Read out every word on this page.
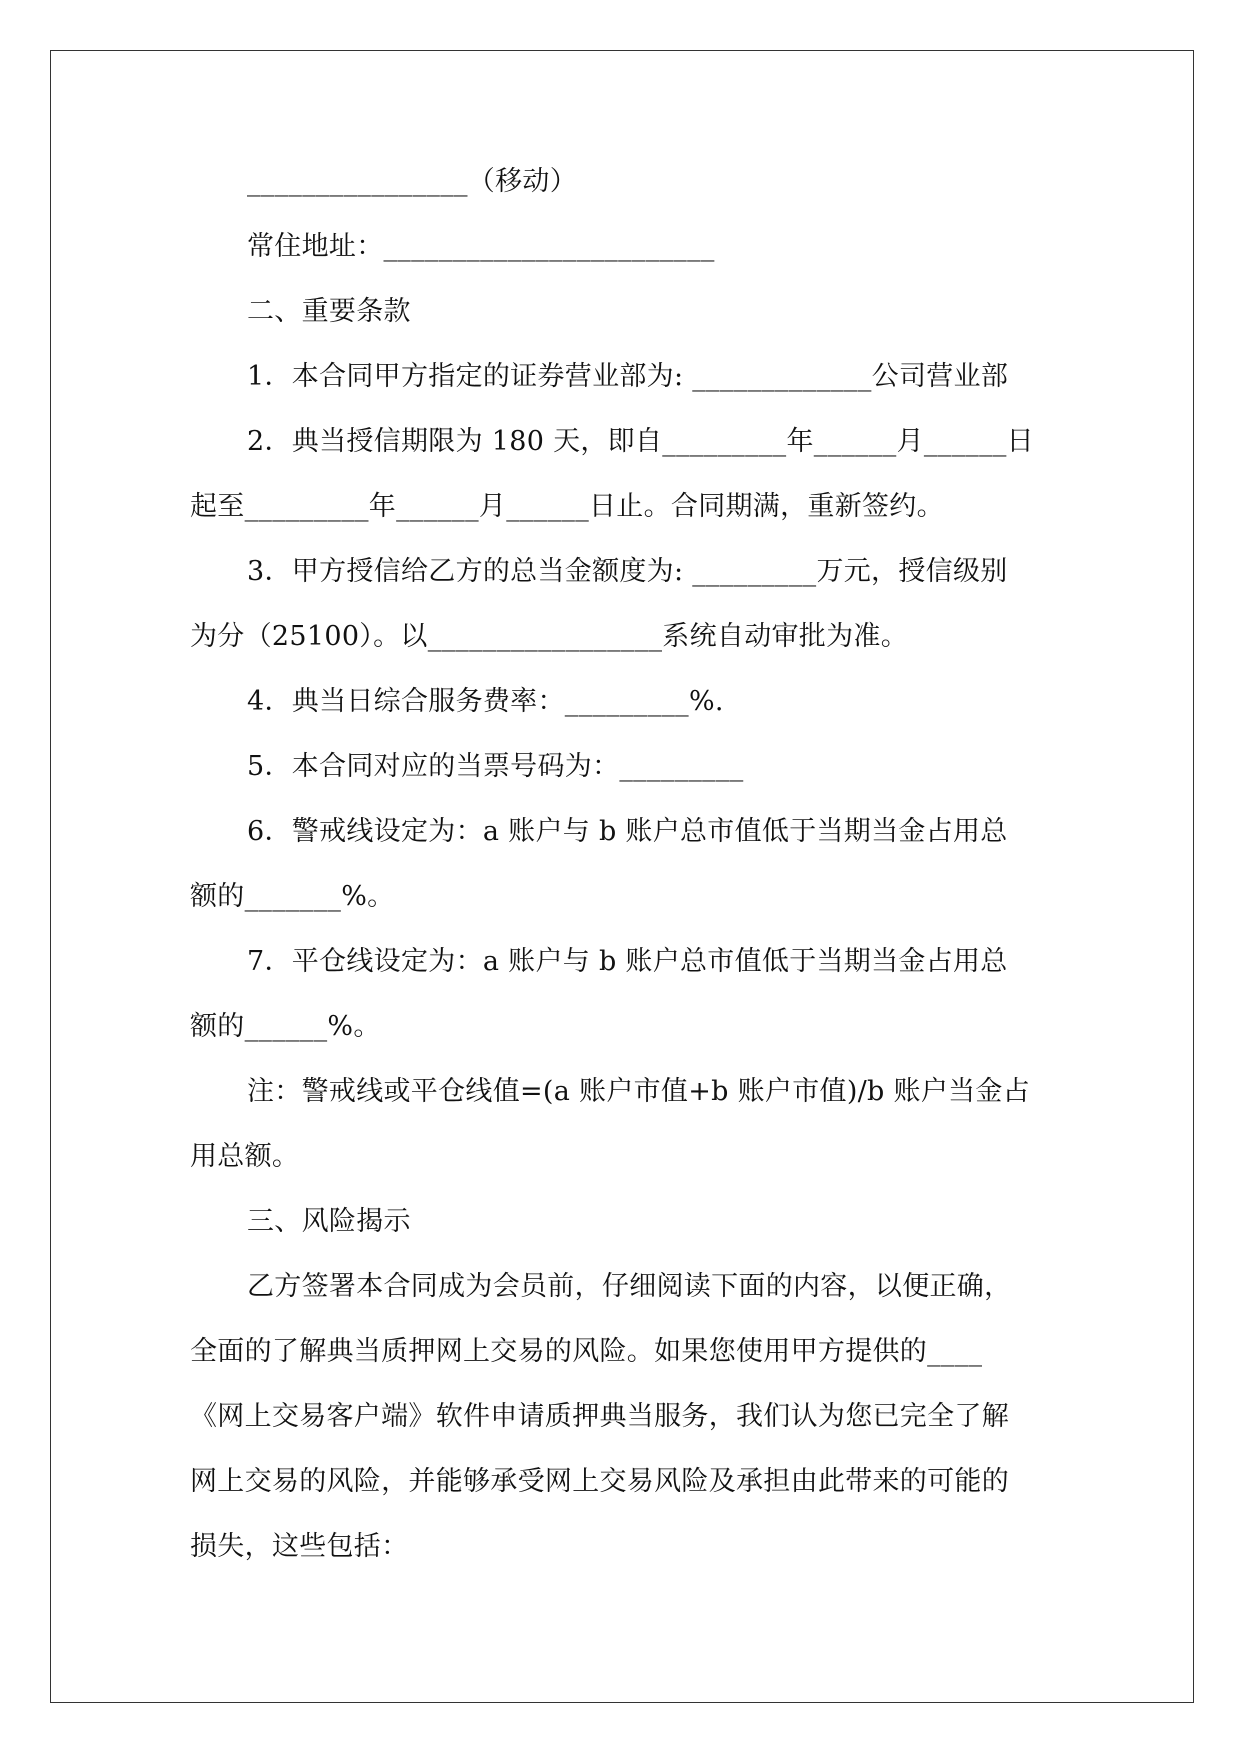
________________（移动）
常住地址：________________________
二、重要条款
1．本合同甲方指定的证券营业部为: _____________公司营业部
2．典当授信期限为 180 天，即自_________年______月______日
起至_________年______月______日止。合同期满，重新签约。
3．甲方授信给乙方的总当金额度为: _________万元，授信级别
为分（25100）。以_________________系统自动审批为准。
4．典当日综合服务费率：_________%.
5．本合同对应的当票号码为：_________
6．警戒线设定为：a 账户与 b 账户总市值低于当期当金占用总
额的_______%。
7．平仓线设定为：a 账户与 b 账户总市值低于当期当金占用总
额的______%。
注：警戒线或平仓线值=(a 账户市值+b 账户市值)/b 账户当金占
用总额。
三、风险揭示
乙方签署本合同成为会员前，仔细阅读下面的内容，以便正确，
全面的了解典当质押网上交易的风险。如果您使用甲方提供的____
《网上交易客户端》软件申请质押典当服务，我们认为您已完全了解
网上交易的风险，并能够承受网上交易风险及承担由此带来的可能的
损失，这些包括：
